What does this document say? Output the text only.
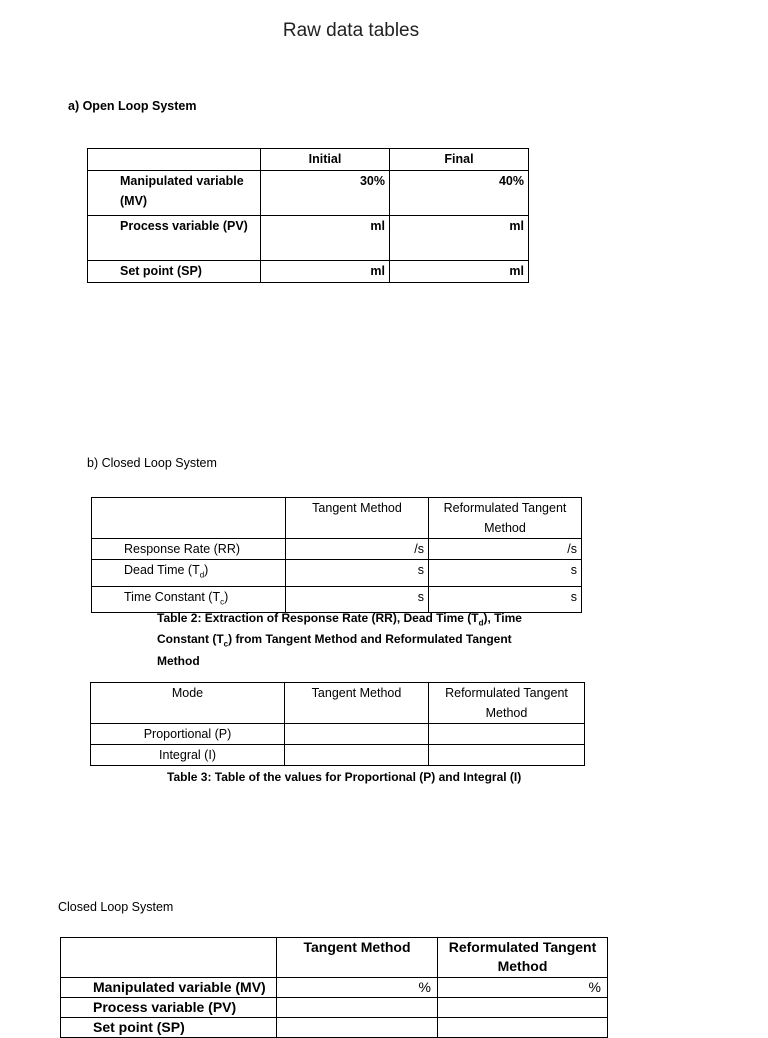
Raw data tables
a) Open Loop System
	Initial	Final
Manipulated variable (MV)	30%	40%
Process variable (PV)	ml	ml
Set point (SP)	ml	ml
b) Closed Loop System
	Tangent Method	Reformulated Tangent Method
Response Rate (RR)	/s	/s
Dead Time $(T_d)$	s	s
Time Constant $(T_c)$	s	s
Table 2: Extraction of Response Rate (RR), Dead Time $(T_d)$, Time Constant $(T_c)$ from Tangent Method and Reformulated Tangent Method
Mode	Tangent Method	Reformulated Tangent Method
Proportional (P)		
Integral (I)		
Table 3: Table of the values for Proportional (P) and Integral (I)
Closed Loop System
	Tangent Method	Reformulated Tangent Method
Manipulated variable (MV)	%	%
Process variable (PV)		
Set point (SP)		
